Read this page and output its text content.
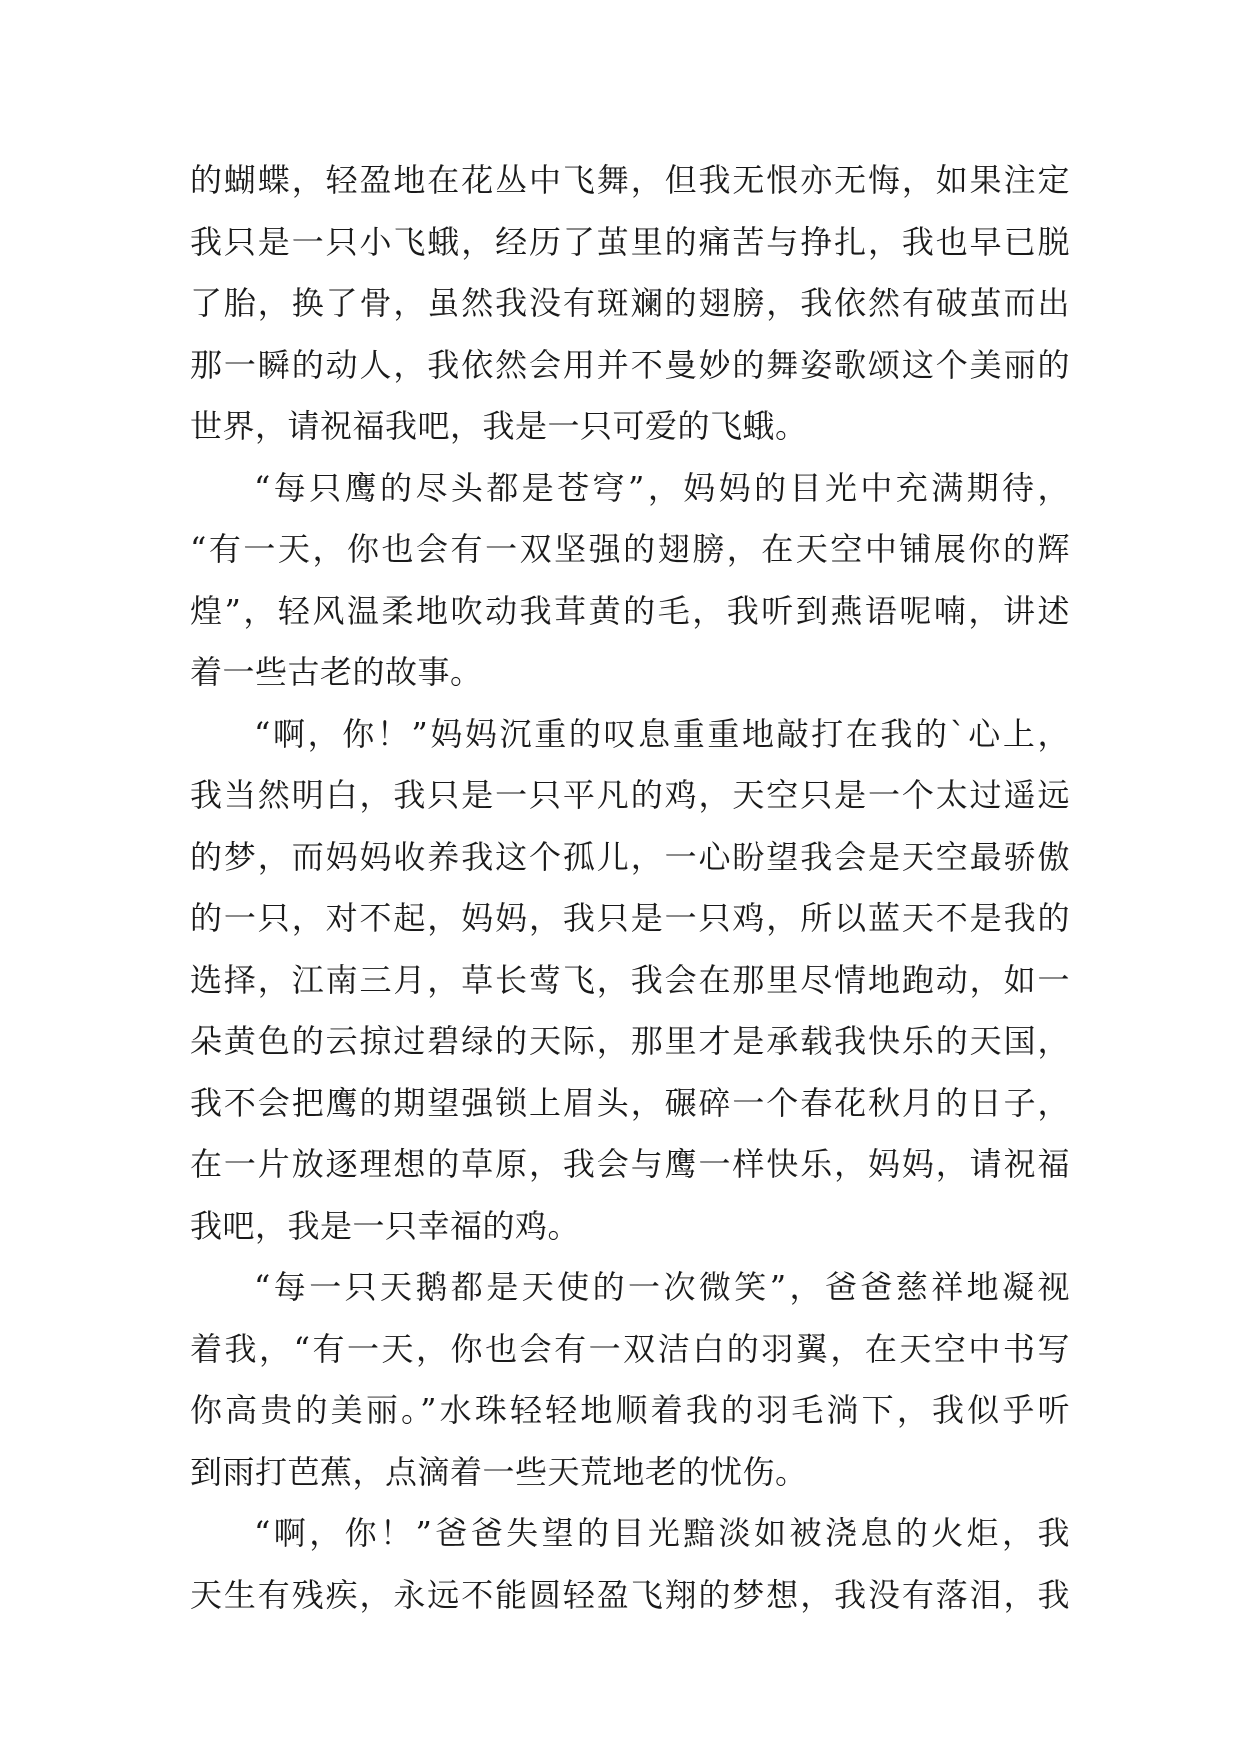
的蝴蝶，轻盈地在花丛中飞舞，但我无恨亦无悔，如果注定
我只是一只小飞蛾，经历了茧里的痛苦与挣扎，我也早已脱
了胎，换了骨，虽然我没有斑斓的翅膀，我依然有破茧而出
那一瞬的动人，我依然会用并不曼妙的舞姿歌颂这个美丽的
世界，请祝福我吧，我是一只可爱的飞蛾。
“每只鹰的尽头都是苍穹”，妈妈的目光中充满期待，
“有一天，你也会有一双坚强的翅膀，在天空中铺展你的辉
煌”，轻风温柔地吹动我茸黄的毛，我听到燕语呢喃，讲述
着一些古老的故事。
“啊，你！”妈妈沉重的叹息重重地敲打在我的`心上，
我当然明白，我只是一只平凡的鸡，天空只是一个太过遥远
的梦，而妈妈收养我这个孤儿，一心盼望我会是天空最骄傲
的一只，对不起，妈妈，我只是一只鸡，所以蓝天不是我的
选择，江南三月，草长莺飞，我会在那里尽情地跑动，如一
朵黄色的云掠过碧绿的天际，那里才是承载我快乐的天国，
我不会把鹰的期望强锁上眉头，碾碎一个春花秋月的日子，
在一片放逐理想的草原，我会与鹰一样快乐，妈妈，请祝福
我吧，我是一只幸福的鸡。
“每一只天鹅都是天使的一次微笑”，爸爸慈祥地凝视
着我，“有一天，你也会有一双洁白的羽翼，在天空中书写
你高贵的美丽。”水珠轻轻地顺着我的羽毛淌下，我似乎听
到雨打芭蕉，点滴着一些天荒地老的忧伤。
“啊，你！”爸爸失望的目光黯淡如被浇息的火炬，我
天生有残疾，永远不能圆轻盈飞翔的梦想，我没有落泪，我
